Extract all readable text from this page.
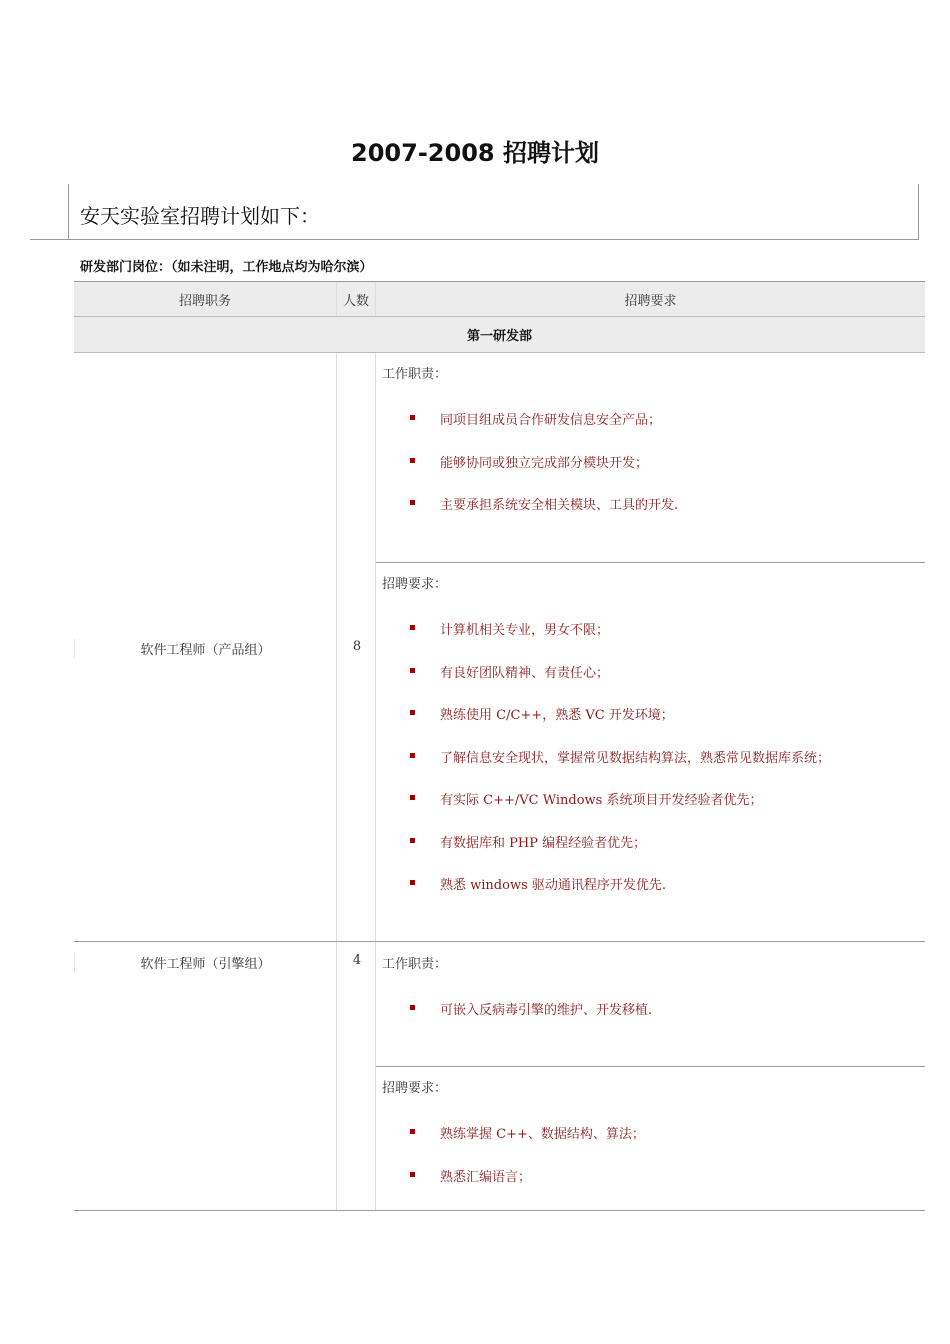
2007-2008 招聘计划
安天实验室招聘计划如下：
研发部门岗位：（如未注明，工作地点均为哈尔滨）
招聘职务	人数	招聘要求
第一研发部
软件工程师（产品组）	8
工作职责：
同项目组成员合作研发信息安全产品；
能够协同或独立完成部分模块开发；
主要承担系统安全相关模块、工具的开发.
招聘要求：
计算机相关专业，男女不限；
有良好团队精神、有责任心；
熟练使用 C/C++，熟悉 VC 开发环境；
了解信息安全现状，掌握常见数据结构算法，熟悉常见数据库系统；
有实际 C++/VC Windows 系统项目开发经验者优先；
有数据库和 PHP 编程经验者优先；
熟悉 windows 驱动通讯程序开发优先.
软件工程师（引擎组）	4	工作职责：
可嵌入反病毒引擎的维护、开发移植.
招聘要求：
熟练掌握 C++、数据结构、算法；
熟悉汇编语言；
